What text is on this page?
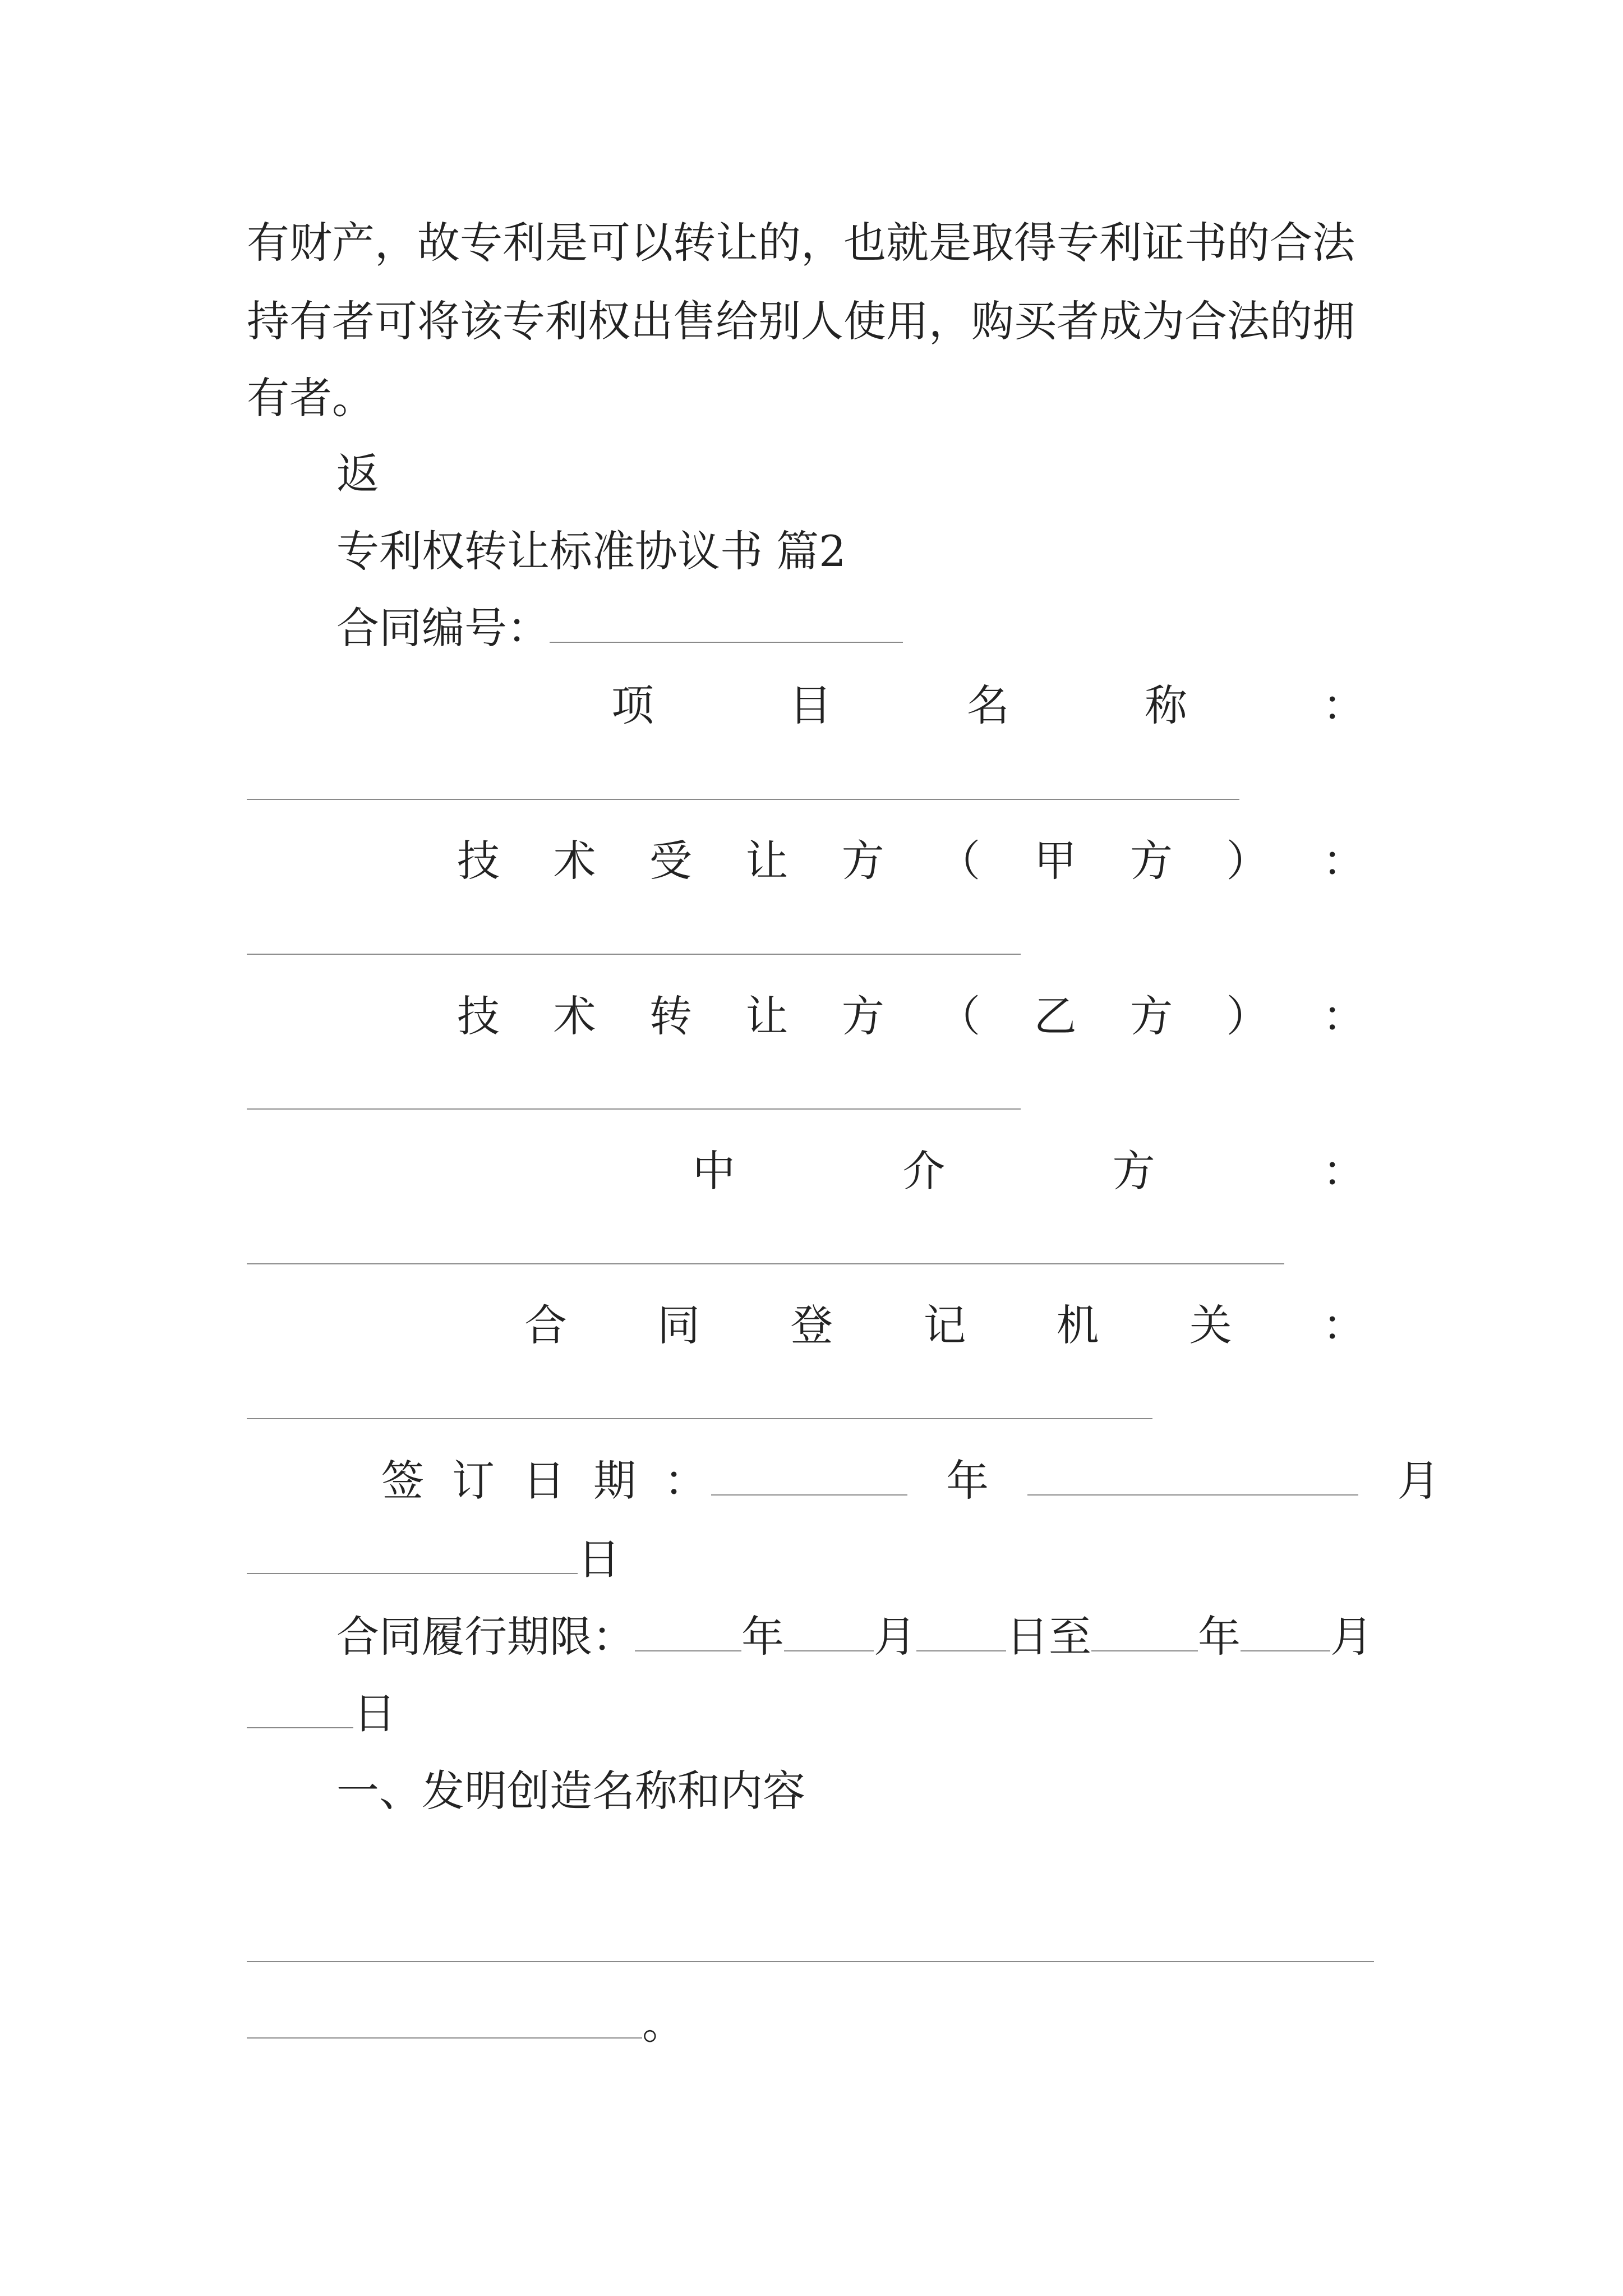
有财产，故专利是可以转让的，也就是取得专利证书的合法
持有者可将该专利权出售给别人使用，购买者成为合法的拥
有者。
返
专利权转让标准协议书 篇2
合同编号：
项	目	名	称	：
技 术 受 让 方 （ 甲 方 ） ：
技 术 转 让 方 （ 乙 方 ） ：
中	介	方	：
合 同 登 记 机 关 ：
签 订 日 期 ：	年	月
日
合同履行期限：	年 月 日至	年 月
日
一、发明创造名称和内容
。
